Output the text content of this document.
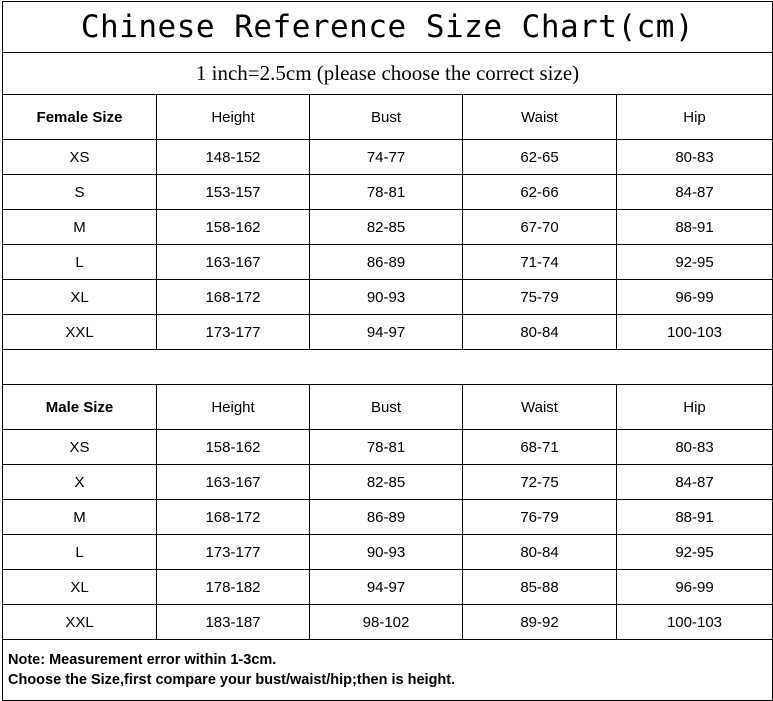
Chinese Reference Size Chart(cm)				
1 inch=2.5cm (please choose the correct size)				
Female Size	Height	Bust	Waist	Hip
XS	148-152	74-77	62-65	80-83
S	153-157	78-81	62-66	84-87
M	158-162	82-85	67-70	88-91
L	163-167	86-89	71-74	92-95
XL	168-172	90-93	75-79	96-99
XXL	173-177	94-97	80-84	100-103

Male Size	Height	Bust	Waist	Hip
XS	158-162	78-81	68-71	80-83
X	163-167	82-85	72-75	84-87
M	168-172	86-89	76-79	88-91
L	173-177	90-93	80-84	92-95
XL	178-182	94-97	85-88	96-99
XXL	183-187	98-102	89-92	100-103

Note: Measurement error within 1-3cm.
Choose the Size,first compare your bust/waist/hip;then is height.				
